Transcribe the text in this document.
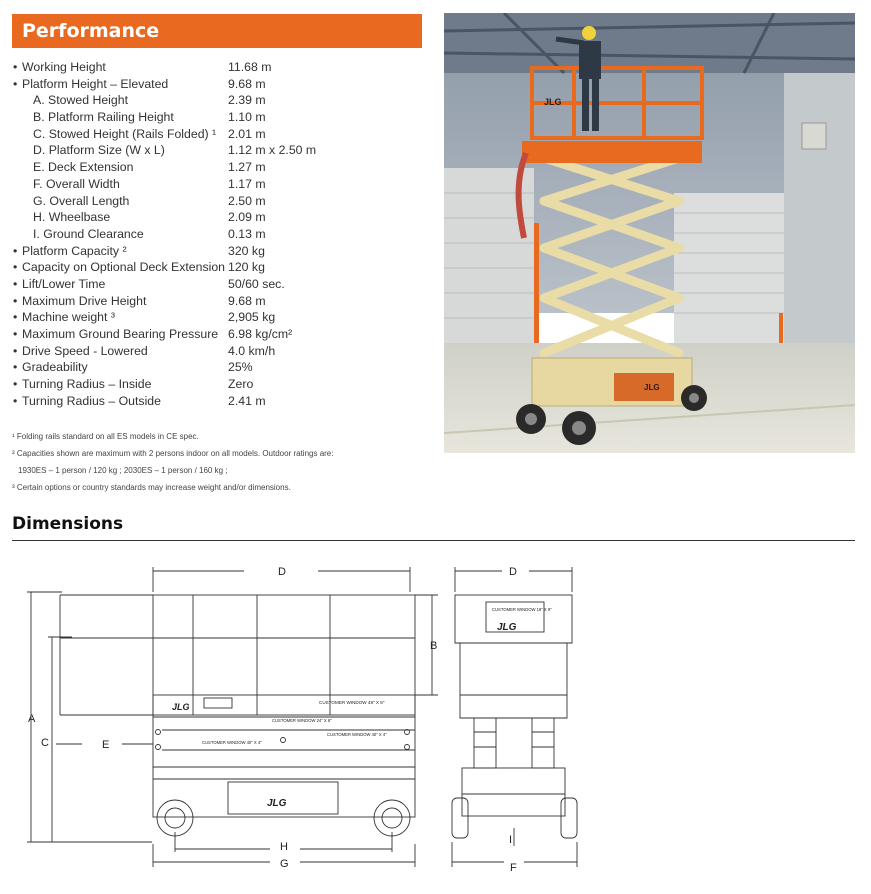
Performance
• Working Height	11.68 m
• Platform Height – Elevated	9.68 m
A. Stowed Height	2.39 m
B. Platform Railing Height	1.10 m
C. Stowed Height (Rails Folded) ¹ 2.01 m
D. Platform Size (W x L)	1.12 m x 2.50 m
E. Deck Extension	1.27 m
F. Overall Width	1.17 m
G. Overall Length	2.50 m
H. Wheelbase	2.09 m
I. Ground Clearance	0.13 m
• Platform Capacity ²	320 kg
• Capacity on Optional Deck Extension 120 kg
• Lift/Lower Time	50/60 sec.
• Maximum Drive Height	9.68 m
• Machine weight ³	2,905 kg
• Maximum Ground Bearing Pressure 6.98 kg/cm²
• Drive Speed - Lowered	4.0 km/h
• Gradeability	25%
• Turning Radius – Inside	Zero
• Turning Radius – Outside	2.41 m
¹ Folding rails standard on all ES models in CE spec.
² Capacities shown are maximum with 2 persons indoor on all models. Outdoor ratings are:
1930ES – 1 person / 120 kg ; 2030ES – 1 person / 160 kg ;
³ Certain options or country standards may increase weight and/or dimensions.
JLG
JLG
Dimensions
JLG	CUSTOMER WINDOW 48" X 8"
CUSTOMER WINDOW 24" X 8"
CUSTOMER WINDOW 40" X 4"
CUSTOMER WINDOW 40" X 4"
JLG
CUSTOMER WINDOW 19" X 9"
JLG
D
A
C	E
B
H
G
D
F
I
